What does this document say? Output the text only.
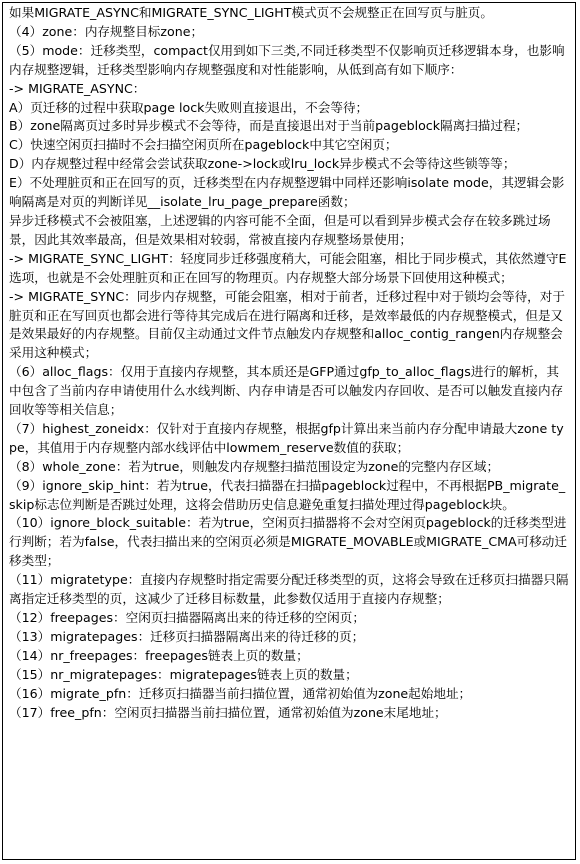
如果MIGRATE_ASYNC和MIGRATE_SYNC_LIGHT模式页不会规整正在回写页与脏页。

（4）zone：内存规整目标zone；

（5）mode：迁移类型，compact仅用到如下三类,不同迁移类型不仅影响页迁移逻辑本身，也影响内存规整逻辑，迁移类型影响内存规整强度和对性能影响，从低到高有如下顺序：

-> MIGRATE_ASYNC：

A）页迁移的过程中获取page lock失败则直接退出，不会等待；

B）zone隔离页过多时异步模式不会等待，而是直接退出对于当前pageblock隔离扫描过程；

C）快速空闲页扫描时不会扫描空闲页所在pageblock中其它空闲页；

D）内存规整过程中经常会尝试获取zone->lock或lru_lock异步模式不会等待这些锁等等；

E）不处理脏页和正在回写的页，迁移类型在内存规整逻辑中同样还影响isolate mode，其逻辑会影响隔离是对页的判断详见__isolate_lru_page_prepare函数；

异步迁移模式不会被阻塞，上述逻辑的内容可能不全面，但是可以看到异步模式会存在较多跳过场景，因此其效率最高，但是效果相对较弱，常被直接内存规整场景使用；

-> MIGRATE_SYNC_LIGHT：轻度同步迁移强度稍大，可能会阻塞，相比于同步模式，其依然遵守E选项，也就是不会处理脏页和正在回写的物理页。内存规整大部分场景下回使用这种模式；

-> MIGRATE_SYNC：同步内存规整，可能会阻塞，相对于前者，迁移过程中对于锁均会等待，对于脏页和正在写回页也都会进行等待其完成后在进行隔离和迁移，是效率最低的内存规整模式，但是又是效果最好的内存规整。目前仅主动通过文件节点触发内存规整和alloc_contig_rangen内存规整会采用这种模式；

（6）alloc_flags：仅用于直接内存规整，其本质还是GFP通过gfp_to_alloc_flags进行的解析，其中包含了当前内存申请使用什么水线判断、内存申请是否可以触发内存回收、是否可以触发直接内存回收等等相关信息；

（7）highest_zoneidx：仅针对于直接内存规整，根据gfp计算出来当前内存分配申请最大zone type，其值用于内存规整内部水线评估中lowmem_reserve数值的获取；

（8）whole_zone：若为true，则触发内存规整扫描范围设定为zone的完整内存区域；

（9）ignore_skip_hint：若为true，代表扫描器在扫描pageblock过程中，不再根据PB_migrate_skip标志位判断是否跳过处理，这将会借助历史信息避免重复扫描处理过得pageblock块。

（10）ignore_block_suitable：若为true，空闲页扫描器将不会对空闲页pageblock的迁移类型进行判断；若为false，代表扫描出来的空闲页必须是MIGRATE_MOVABLE或MIGRATE_CMA可移动迁移类型；

（11）migratetype：直接内存规整时指定需要分配迁移类型的页，这将会导致在迁移页扫描器只隔离指定迁移类型的页，这减少了迁移目标数量，此参数仅适用于直接内存规整；

（12）freepages：空闲页扫描器隔离出来的待迁移的空闲页；

（13）migratepages：迁移页扫描器隔离出来的待迁移的页；

（14）nr_freepages：freepages链表上页的数量；

（15）nr_migratepages：migratepages链表上页的数量；

（16）migrate_pfn：迁移页扫描器当前扫描位置，通常初始值为zone起始地址；

（17）free_pfn：空闲页扫描器当前扫描位置，通常初始值为zone末尾地址；
